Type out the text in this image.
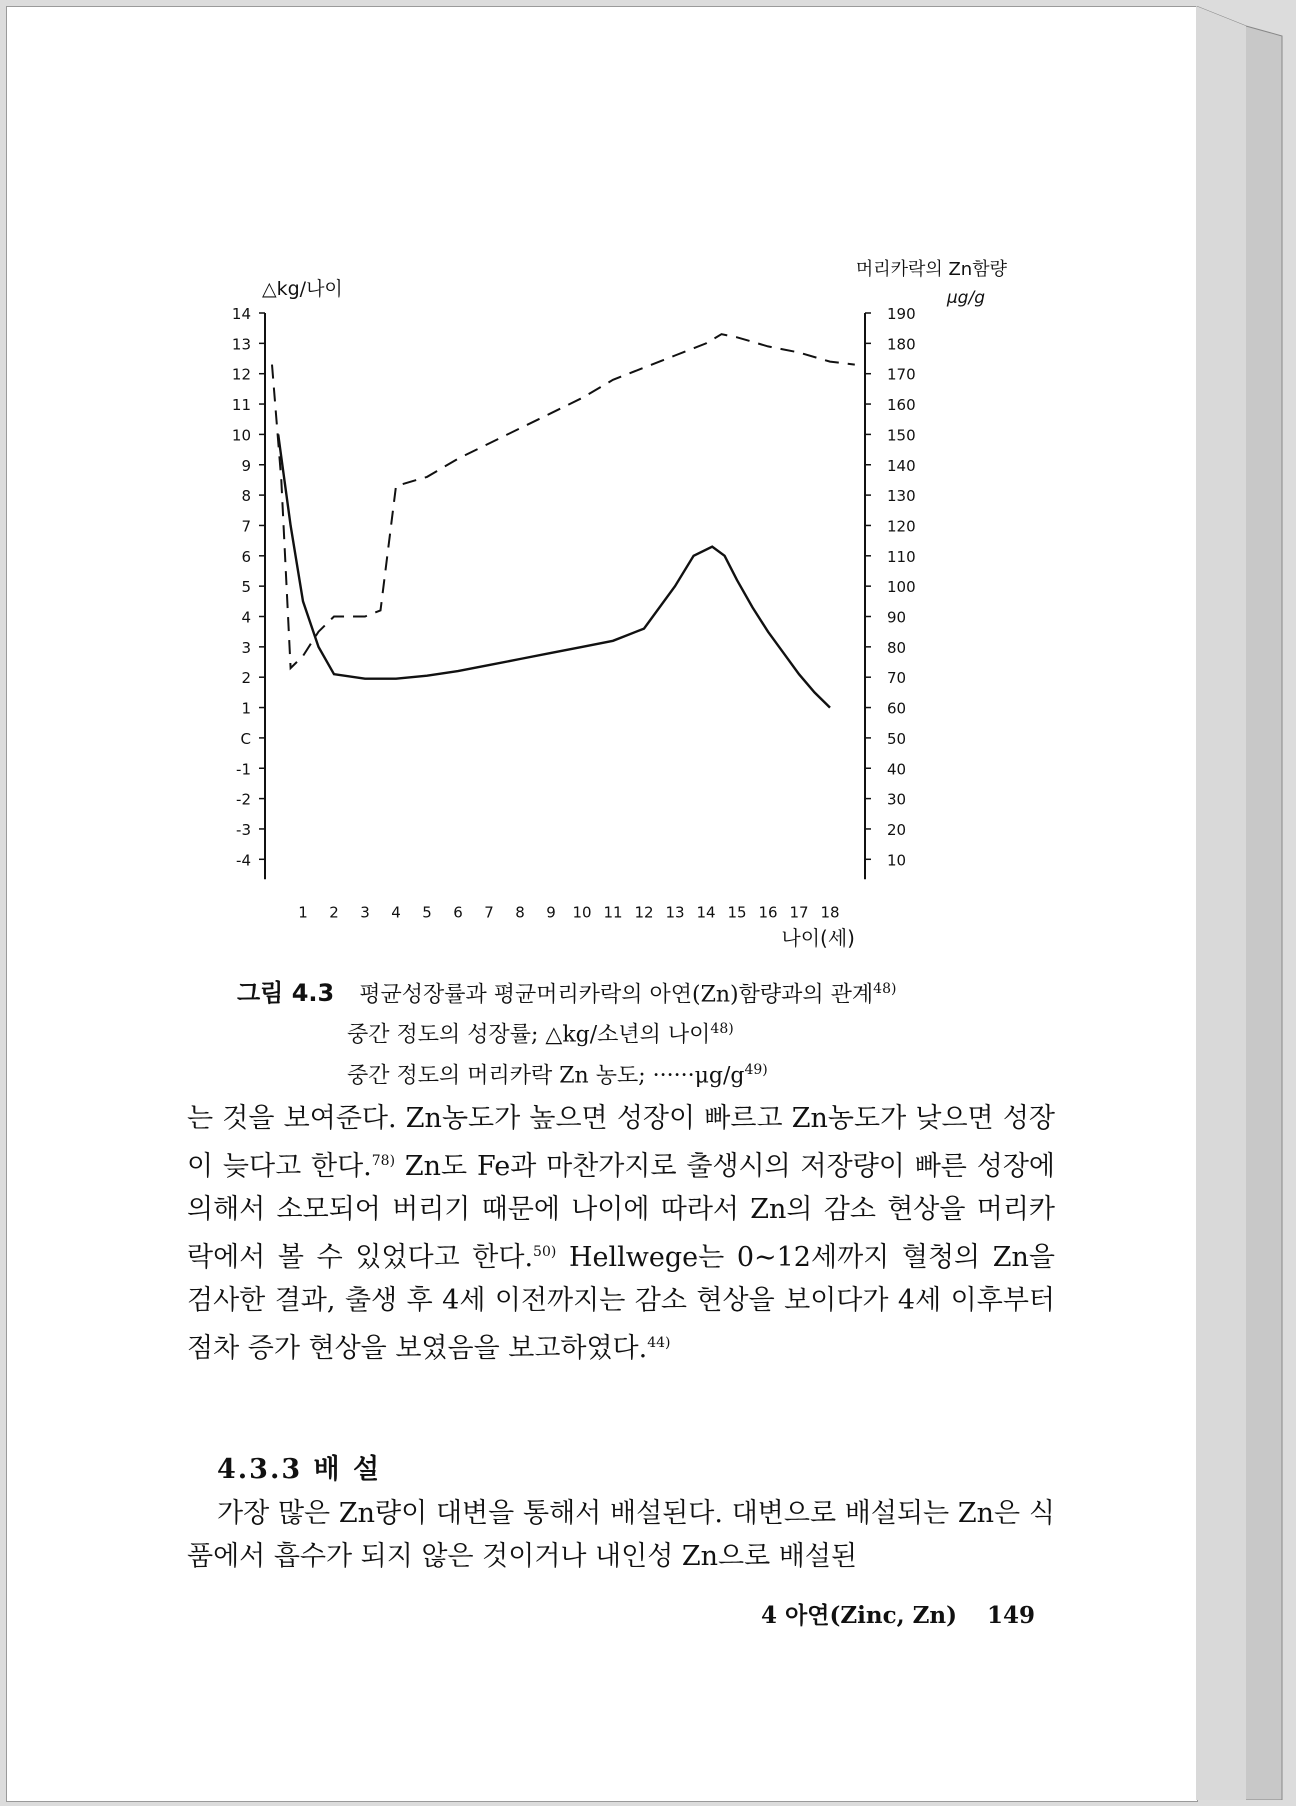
14
13
12
11
10
9
8
7
6
5
4
3
2
1
C
-1
-2
-3
-4
190
180
170
160
150
140
130
120
110
100
90
80
70
60
50
40
30
20
10
1 2 3 4 5 6 7 8 9 10 11 12 13 14 15 16 17 18
△kg/나이
머리카락의 Zn함량
μg/g
나이(세)
그림 4.3 평균성장률과 평균머리카락의 아연(Zn)함량과의 관계$^{48)}$
중간 정도의 성장률; △kg/소년의 나이$^{48)}$
중간 정도의 머리카락 Zn 농도; $\cdot\cdot\cdot\cdot\cdot\cdot\mu g/g^{49)}$

는 것을 보여준다. Zn농도가 높으면 성장이 빠르고 Zn농도가 낮으면 성장이 늦다고 한다.$^{78)}$ Zn도 Fe과 마찬가지로 출생시의 저장량이 빠른 성장에 의해서 소모되어 버리기 때문에 나이에 따라서 Zn의 감소 현상을 머리카락에서 볼 수 있었다고 한다.$^{50)}$ Hellwege는 0∼12세까지 혈청의 Zn을 검사한 결과, 출생 후 4세 이전까지는 감소 현상을 보이다가 4세 이후부터 점차 증가 현상을 보였음을 보고하였다.$^{44)}$

4.3.3 배 설

가장 많은 Zn량이 대변을 통해서 배설된다. 대변으로 배설되는 Zn은 식품에서 흡수가 되지 않은 것이거나 내인성 Zn으로 배설된

4 아연(Zinc, Zn) 149
